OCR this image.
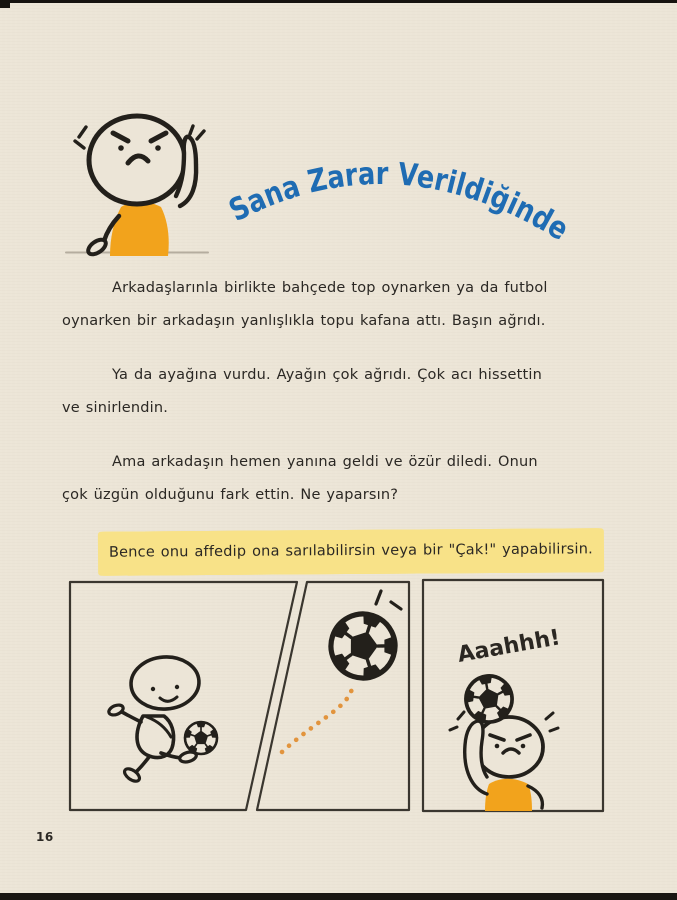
Sana Zarar Verildiğinde
Aaahhh!
Arkadaşlarınla birlikte bahçede top oynarken ya da futbol
oynarken bir arkadaşın yanlışlıkla topu kafana attı. Başın ağrıdı.
Ya da ayağına vurdu. Ayağın çok ağrıdı. Çok acı hissettin
ve sinirlendin.
Ama arkadaşın hemen yanına geldi ve özür diledi. Onun
çok üzgün olduğunu fark ettin. Ne yaparsın?
Bence onu affedip ona sarılabilirsin veya bir "Çak!" yapabilirsin.
16
